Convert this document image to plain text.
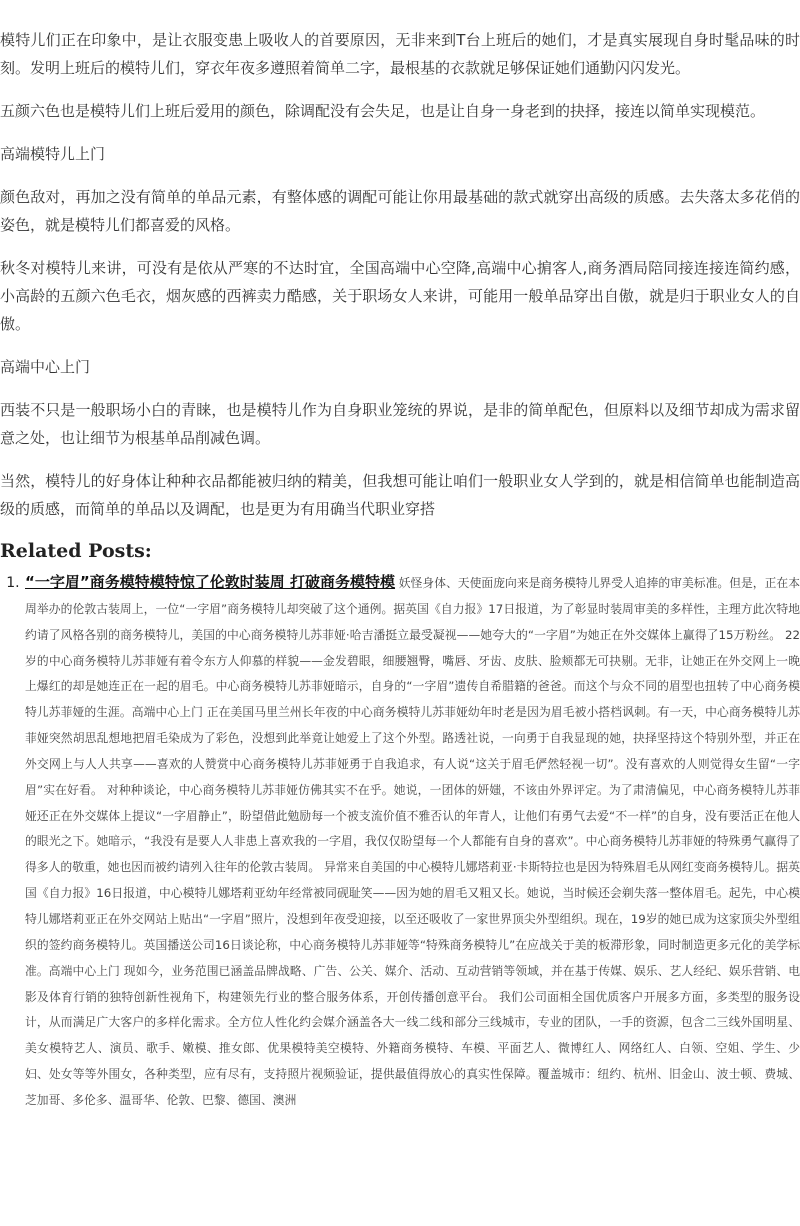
模特儿们正在印象中，是让衣服变患上吸收人的首要原因，无非来到T台上班后的她们，才是真实展现自身时髦品味的时刻。发明上班后的模特儿们，穿衣年夜多遵照着简单二字，最根基的衣款就足够保证她们通勤闪闪发光。

五颜六色也是模特儿们上班后爱用的颜色，除调配没有会失足，也是让自身一身老到的抉择，接连以简单实现模范。

高端模特儿上门

颜色敌对，再加之没有简单的单品元素，有整体感的调配可能让你用最基础的款式就穿出高级的质感。去失落太多花俏的姿色，就是模特儿们都喜爱的风格。

秋冬对模特儿来讲，可没有是依从严寒的不达时宜，全国高端中心空降,高端中心掮客人,商务酒局陪同接连接连简约感，小高龄的五颜六色毛衣，烟灰感的西裤卖力酷感，关于职场女人来讲，可能用一般单品穿出自傲，就是归于职业女人的自傲。

高端中心上门

西装不只是一般职场小白的青睐，也是模特儿作为自身职业笼统的界说，是非的简单配色，但原料以及细节却成为需求留意之处，也让细节为根基单品削减色调。

当然，模特儿的好身体让种种衣品都能被归纳的精美，但我想可能让咱们一般职业女人学到的，就是相信简单也能制造高级的质感，而简单的单品以及调配，也是更为有用确当代职业穿搭

Related Posts:
1. “一字眉”商务模特模特惊了伦敦时装周 打破商务模特模 妖怪身体、天使面庞向来是商务模特儿界受人追捧的审美标准。但是，正在本周举办的伦敦古装周上，一位“一字眉”商务模特儿却突破了这个通例。据英国《自力报》17日报道，为了彰显时装周审美的多样性，主理方此次特地约请了风格各别的商务模特儿，美国的中心商务模特儿苏菲娅·哈吉潘挺立最受凝视——她夸大的“一字眉”为她正在外交媒体上赢得了15万粉丝。 22岁的中心商务模特儿苏菲娅有着令东方人仰慕的样貌——金发碧眼，细腰翘臀，嘴唇、牙齿、皮肤、脸颊都无可抉剔。无非，让她正在外交网上一晚上爆红的却是她连正在一起的眉毛。中心商务模特儿苏菲娅暗示，自身的“一字眉”遗传自希腊籍的爸爸。而这个与众不同的眉型也扭转了中心商务模特儿苏菲娅的生涯。高端中心上门 正在美国马里兰州长年夜的中心商务模特儿苏菲娅幼年时老是因为眉毛被小搭档讽刺。有一天，中心商务模特儿苏菲娅突然胡思乱想地把眉毛染成为了彩色，没想到此举竟让她爱上了这个外型。路透社说，一向勇于自我显现的她，抉择坚持这个特别外型，并正在外交网上与人人共享——喜欢的人赞赏中心商务模特儿苏菲娅勇于自我追求，有人说“这关于眉毛俨然轻视一切”。没有喜欢的人则觉得女生留“一字眉”实在好看。 对种种谈论，中心商务模特儿苏菲娅仿佛其实不在乎。她说，一团体的妍媸，不该由外界评定。为了肃清偏见，中心商务模特儿苏菲娅还正在外交媒体上提议“一字眉静止”，盼望借此勉励每一个被支流价值不雅否认的年青人，让他们有勇气去爱“不一样”的自身，没有要活正在他人的眼光之下。她暗示，“我没有是要人人非患上喜欢我的一字眉，我仅仅盼望每一个人都能有自身的喜欢”。中心商务模特儿苏菲娅的特殊勇气赢得了得多人的敬重，她也因而被约请列入往年的伦敦古装周。 异常来自美国的中心模特儿娜塔莉亚·卡斯特拉也是因为特殊眉毛从网红变商务模特儿。据英国《自力报》16日报道，中心模特儿娜塔莉亚幼年经常被同砚耻笑——因为她的眉毛又粗又长。她说，当时候还会剃失落一整体眉毛。起先，中心模特儿娜塔莉亚正在外交网站上贴出“一字眉”照片，没想到年夜受迎接，以至还吸收了一家世界顶尖外型组织。现在，19岁的她已成为这家顶尖外型组织的签约商务模特儿。英国播送公司16日谈论称，中心商务模特儿苏菲娅等“特殊商务模特儿”在应战关于美的板滞形象，同时制造更多元化的美学标准。高端中心上门 现如今，业务范围已涵盖品牌战略、广告、公关、媒介、活动、互动营销等领域，并在基于传媒、娱乐、艺人经纪、娱乐营销、电影及体育行销的独特创新性视角下，构建领先行业的整合服务体系，开创传播创意平台。 我们公司面相全国优质客户开展多方面，多类型的服务设计，从而满足广大客户的多样化需求。全方位人性化约会媒介涵盖各大一线二线和部分三线城市，专业的团队，一手的资源，包含二三线外国明星、美女模特艺人、演员、歌手、嫩模、推女郎、优果模特美空模特、外籍商务模特、车模、平面艺人、微博红人、网络红人、白领、空姐、学生、少妇、处女等等外围女，各种类型，应有尽有，支持照片视频验证，提供最值得放心的真实性保障。覆盖城市：纽约、杭州、旧金山、波士顿、费城、芝加哥、多伦多、温哥华、伦敦、巴黎、德国、澳洲
